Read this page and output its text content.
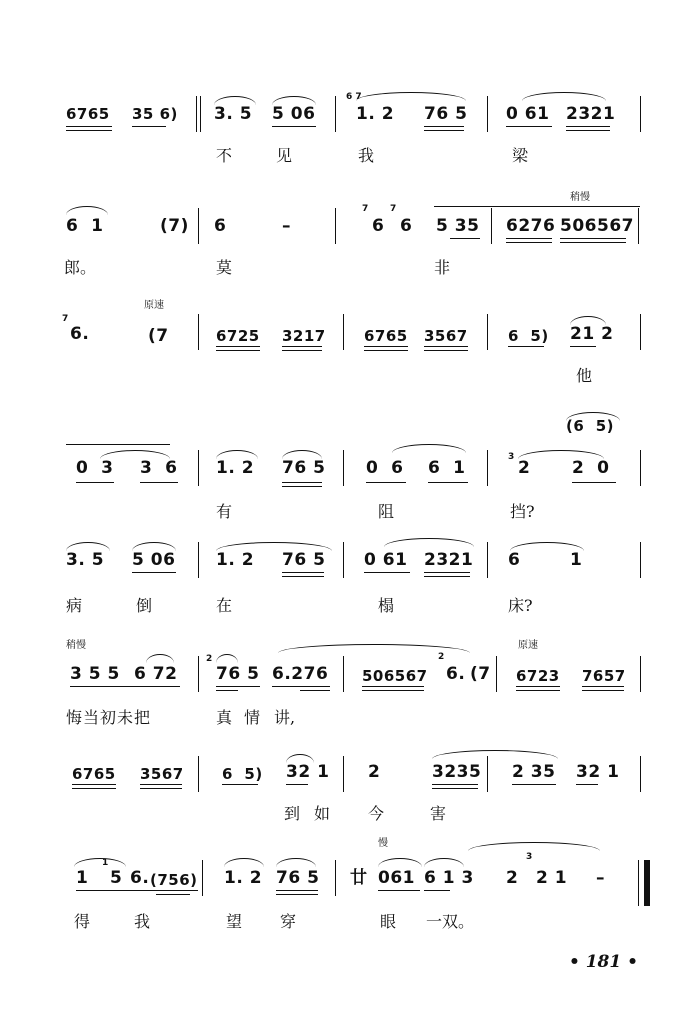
6765 35 6) 3. 5 5 06
6 7
1. 2 76 5 0 61 2321
不	见	我	梁
稍慢
6  1	(7) 6	–
7
6
7
6 5 35 6276 506567
郎。	莫	非
原速
7
6.	(7	6725 3217	6765 3567	6  5) 21 2
他
(6  5)
0  3 3  6 1. 2 76 5 0  6 6  1
3
2 2  0
有	阻	挡?
3. 5 5 06 1. 2 76 5 0 61 2321 6	1
病	倒	在	榻	床?
稍慢	原速
3 5 5 6 72
2
76 5 6.276 506567
2
6. (7 6723 7657
悔当初未把	真 情 讲,
6765 3567	6  5) 32 1 2	3235 2 35 32 1
到 如 今	害
慢
1
1
5 6. (756) 1. 2 76 5 廿 061 6 1 3 2
3
2 1 –
得	我	望 穿	眼 一双。
• 181 •
